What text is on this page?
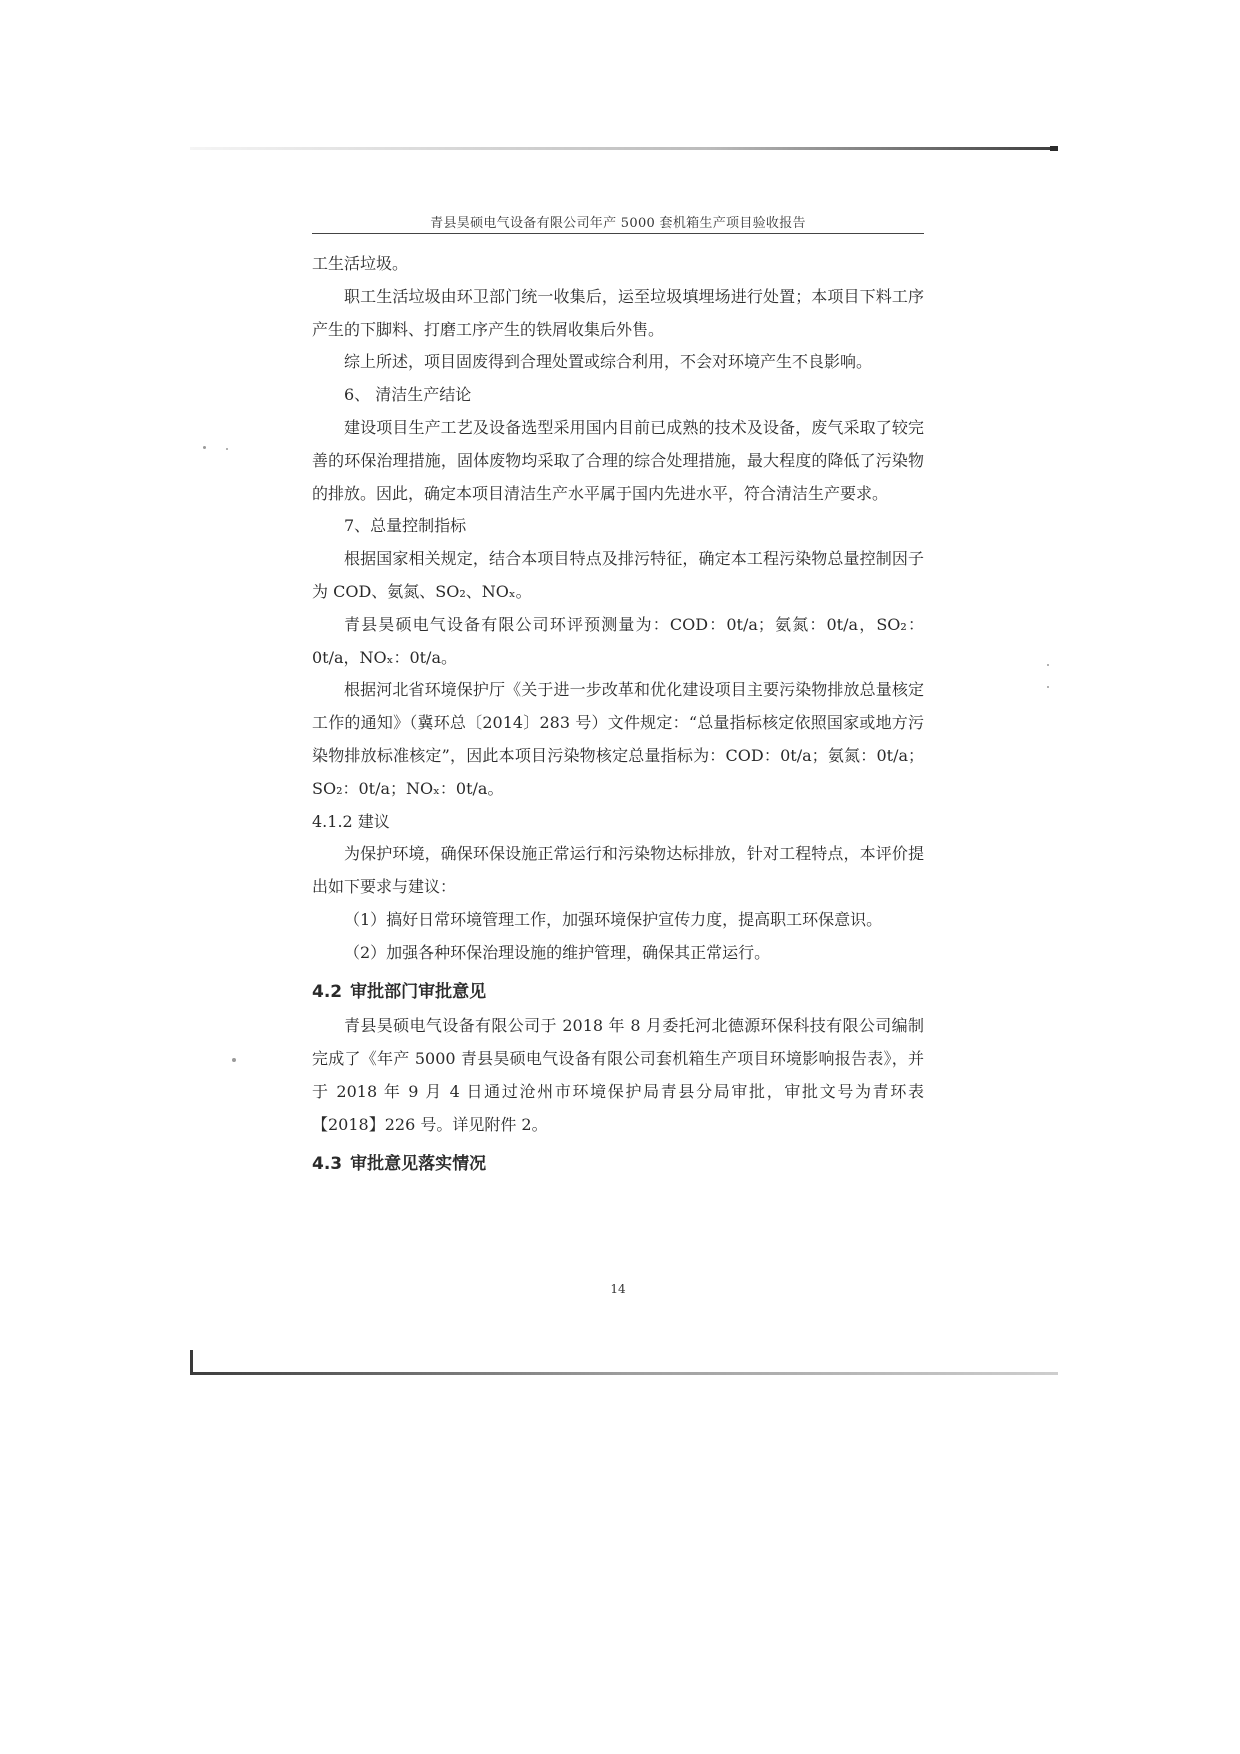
青县昊硕电气设备有限公司年产 5000 套机箱生产项目验收报告

工生活垃圾。

职工生活垃圾由环卫部门统一收集后，运至垃圾填埋场进行处置；本项目下料工序产生的下脚料、打磨工序产生的铁屑收集后外售。

综上所述，项目固废得到合理处置或综合利用，不会对环境产生不良影响。

6、 清洁生产结论

建设项目生产工艺及设备选型采用国内目前已成熟的技术及设备，废气采取了较完善的环保治理措施，固体废物均采取了合理的综合处理措施，最大程度的降低了污染物的排放。因此，确定本项目清洁生产水平属于国内先进水平，符合清洁生产要求。

7、总量控制指标

根据国家相关规定，结合本项目特点及排污特征，确定本工程污染物总量控制因子为 COD、氨氮、SO₂、NOₓ。

青县昊硕电气设备有限公司环评预测量为：COD：0t/a；氨氮：0t/a，SO₂：0t/a，NOₓ：0t/a。

根据河北省环境保护厅《关于进一步改革和优化建设项目主要污染物排放总量核定工作的通知》（冀环总〔2014〕283 号）文件规定：“总量指标核定依照国家或地方污染物排放标准核定”，因此本项目污染物核定总量指标为：COD：0t/a；氨氮：0t/a；SO₂：0t/a；NOₓ：0t/a。

4.1.2 建议

为保护环境，确保环保设施正常运行和污染物达标排放，针对工程特点，本评价提出如下要求与建议：

（1）搞好日常环境管理工作，加强环境保护宣传力度，提高职工环保意识。

（2）加强各种环保治理设施的维护管理，确保其正常运行。

4.2 审批部门审批意见

青县昊硕电气设备有限公司于 2018 年 8 月委托河北德源环保科技有限公司编制完成了《年产 5000 青县昊硕电气设备有限公司套机箱生产项目环境影响报告表》，并于 2018 年 9 月 4 日通过沧州市环境保护局青县分局审批，审批文号为青环表【2018】226 号。详见附件 2。

4.3 审批意见落实情况
14
